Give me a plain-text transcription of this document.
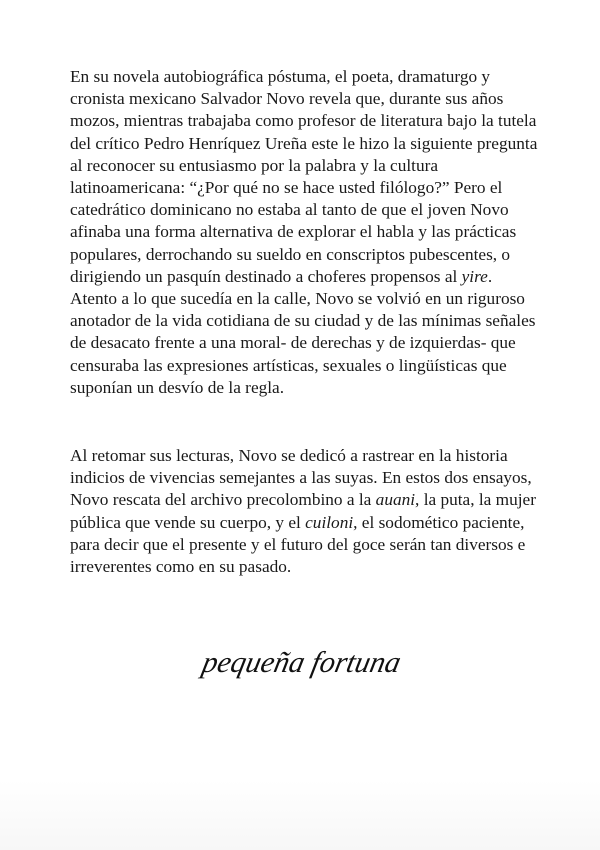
En su novela autobiográfica póstuma, el poeta, dramaturgo y cronista mexicano Salvador Novo revela que, durante sus años mozos, mientras trabajaba como profesor de literatura bajo la tutela del crítico Pedro Henríquez Ureña este le hizo la siguiente pregunta al reconocer su entusiasmo por la palabra y la cultura latinoamericana: “¿Por qué no se hace usted filólogo?” Pero el catedrático dominicano no estaba al tanto de que el joven Novo afinaba una forma alternativa de explorar el habla y las prácticas populares, derrochando su sueldo en conscriptos pubescentes, o dirigiendo un pasquín destinado a choferes propensos al yire. Atento a lo que sucedía en la calle, Novo se volvió en un riguroso anotador de la vida cotidiana de su ciudad y de las mínimas señales de desacato frente a una moral- de derechas y de izquierdas- que censuraba las expresiones artísticas, sexuales o lingüísticas que suponían un desvío de la regla.

Al retomar sus lecturas, Novo se dedicó a rastrear en la historia indicios de vivencias semejantes a las suyas. En estos dos ensayos, Novo rescata del archivo precolombino a la auani, la puta, la mujer pública que vende su cuerpo, y el cuiloni, el sodomético paciente, para decir que el presente y el futuro del goce serán tan diversos e irreverentes como en su pasado.

pequeña fortuna
